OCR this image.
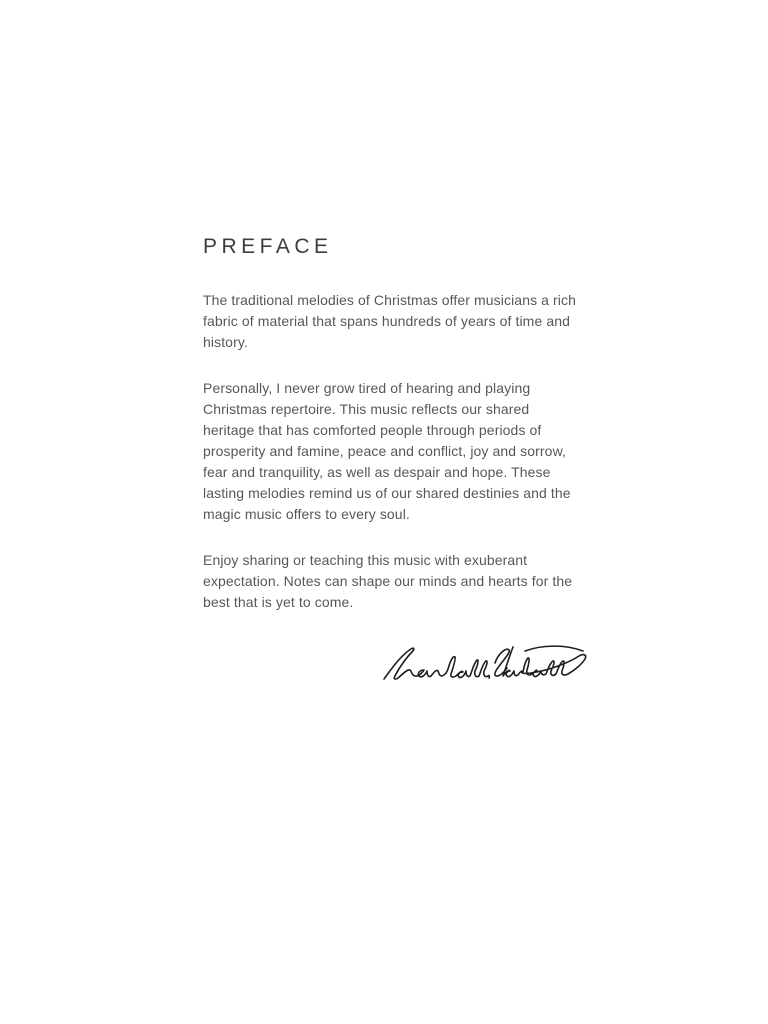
PREFACE

The traditional melodies of Christmas offer musicians a rich fabric of material that spans hundreds of years of time and history.

Personally, I never grow tired of hearing and playing Christmas repertoire. This music reflects our shared heritage that has comforted people through periods of prosperity and famine, peace and conflict, joy and sorrow, fear and tranquility, as well as despair and hope. These lasting melodies remind us of our shared destinies and the magic music offers to every soul.

Enjoy sharing or teaching this music with exuberant expectation. Notes can shape our minds and hearts for the best that is yet to come.
